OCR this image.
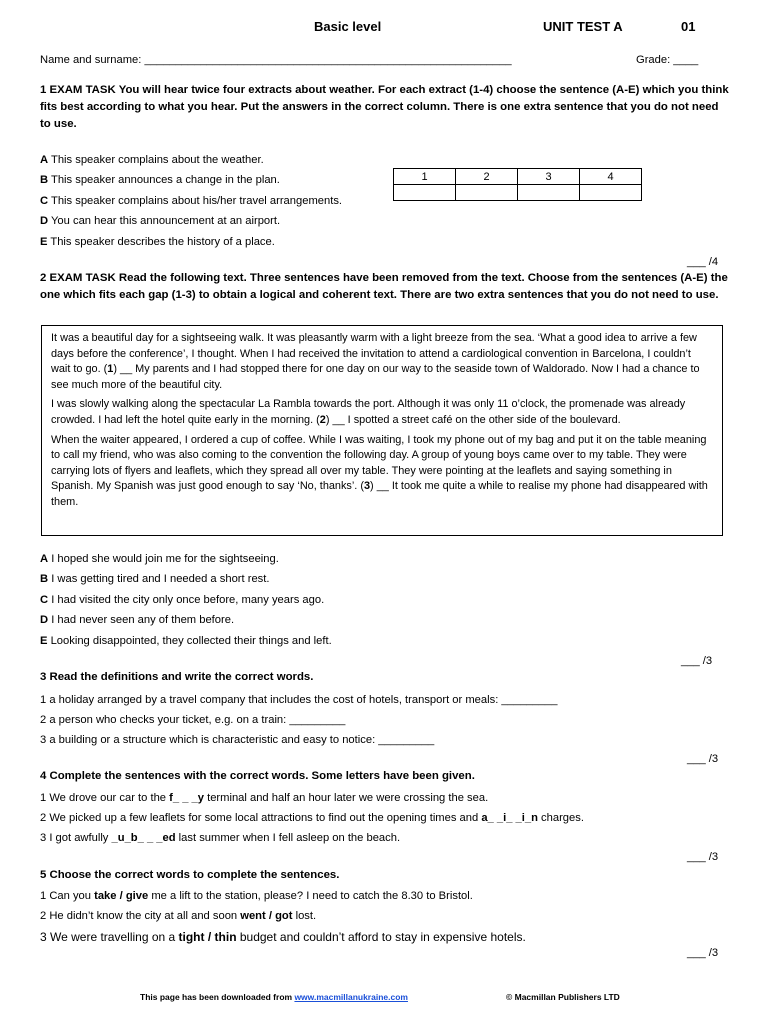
Basic level	UNIT TEST A	01
Name and surname: ___________________________________________________________	Grade: ____
1 EXAM TASK You will hear twice four extracts about weather. For each extract (1-4) choose the sentence (A-E) which you think fits best according to what you hear. Put the answers in the correct column. There is one extra sentence that you do not need to use.
A This speaker complains about the weather.
B This speaker announces a change in the plan.
C This speaker complains about his/her travel arrangements.
D You can hear this announcement at an airport.
E This speaker describes the history of a place.
1	2	3	4

___ /4
2 EXAM TASK Read the following text. Three sentences have been removed from the text. Choose from the sentences (A-E) the one which fits each gap (1-3) to obtain a logical and coherent text. There are two extra sentences that you do not need to use.

It was a beautiful day for a sightseeing walk. It was pleasantly warm with a light breeze from the sea. ‘What a good idea to arrive a few days before the conference’, I thought. When I had received the invitation to attend a cardiological convention in Barcelona, I couldn’t wait to go. (1) __ My parents and I had stopped there for one day on our way to the seaside town of Waldorado. Now I had a chance to see much more of the beautiful city.

I was slowly walking along the spectacular La Rambla towards the port. Although it was only 11 o’clock, the promenade was already crowded. I had left the hotel quite early in the morning. (2) __ I spotted a street café on the other side of the boulevard.

When the waiter appeared, I ordered a cup of coffee. While I was waiting, I took my phone out of my bag and put it on the table meaning to call my friend, who was also coming to the convention the following day. A group of young boys came over to my table. They were carrying lots of flyers and leaflets, which they spread all over my table. They were pointing at the leaflets and saying something in Spanish. My Spanish was just good enough to say ‘No, thanks’. (3) __ It took me quite a while to realise my phone had disappeared with them.

A I hoped she would join me for the sightseeing.
B I was getting tired and I needed a short rest.
C I had visited the city only once before, many years ago.
D I had never seen any of them before.
E Looking disappointed, they collected their things and left.
___ /3
3 Read the definitions and write the correct words.
1 a holiday arranged by a travel company that includes the cost of hotels, transport or meals: _________
2 a person who checks your ticket, e.g. on a train: _________
3 a building or a structure which is characteristic and easy to notice: _________
___ /3
4 Complete the sentences with the correct words. Some letters have been given.
1 We drove our car to the f_ _ _y terminal and half an hour later we were crossing the sea.
2 We picked up a few leaflets for some local attractions to find out the opening times and a_ _i_ _i_n charges.
3 I got awfully _u_b_ _ _ed last summer when I fell asleep on the beach.
___ /3
5 Choose the correct words to complete the sentences.
1 Can you take / give me a lift to the station, please? I need to catch the 8.30 to Bristol.
2 He didn’t know the city at all and soon went / got lost.
3 We were travelling on a tight / thin budget and couldn’t afford to stay in expensive hotels.
___ /3
This page has been downloaded from www.macmillanukraine.com	© Macmillan Publishers LTD
